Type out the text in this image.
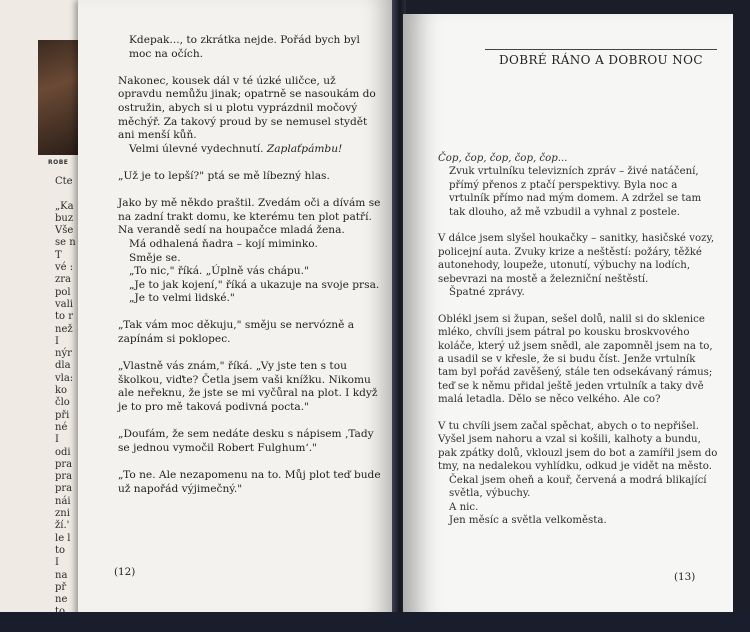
ROBE
Čte

„Ka
buz
Vše
se n
T
vé :
zra
pol
vali
to r
než
I
nýr
dla
vla:
ko
člo
při
né
I
odi
pra
pra
pra
nái
zni
ží.'
le l
to
I
na
př
ne

Kdepak..., to zkrátka nejde. Pořád bych byl moc na očích.

Nakonec, kousek dál v té úzké uličce, už opravdu nemůžu jinak; opatrně se nasoukám do ostružin, abych si u plotu vyprázdnil močový měchýř. Za takový proud by se nemusel stydět ani menší kůň.

Velmi úlevné vydechnutí. Zaplaťpámbu!

„Už je to lepší?" ptá se mě líbezný hlas.

Jako by mě někdo praštil. Zvedám oči a dívám se na zadní trakt domu, ke kterému ten plot patří. Na verandě sedí na houpačce mladá žena.

Má odhalená ňadra – kojí miminko.

Směje se.

„To nic," říká. „Úplně vás chápu."

„Je to jak kojení," říká a ukazuje na svoje prsa.

„Je to velmi lidské."

„Tak vám moc děkuju," směju se nervózně a zapínám si poklopec.

„Vlastně vás znám," říká. „Vy jste ten s tou školkou, viďte? Četla jsem vaši knížku. Nikomu ale neřeknu, že jste se mi vyčůral na plot. I když je to pro mě taková podivná pocta."

„Doufám, že sem nedáte desku s nápisem ‚Tady se jednou vymočil Robert Fulghum‘."

„To ne. Ale nezapomenu na to. Můj plot teď bude už napořád výjimečný."

(12)
DOBRÉ RÁNO A DOBROU NOC

Čop, čop, čop, čop, čop...

Zvuk vrtulníku televizních zpráv – živé natáčení, přímý přenos z ptačí perspektivy. Byla noc a vrtulník přímo nad mým domem. A zdržel se tam tak dlouho, až mě vzbudil a vyhnal z postele.

V dálce jsem slyšel houkačky – sanitky, hasičské vozy, policejní auta. Zvuky krize a neštěstí: požáry, těžké autonehody, loupeže, utonutí, výbuchy na lodích, sebevrazi na mostě a železniční neštěstí.

Špatné zprávy.

Oblékl jsem si župan, sešel dolů, nalil si do sklenice mléko, chvíli jsem pátral po kousku broskvového koláče, který už jsem snědl, ale zapomněl jsem na to, a usadil se v křesle, že si budu číst. Jenže vrtulník tam byl pořád zavěšený, stále ten odsekávaný rámus; teď se k němu přidal ještě jeden vrtulník a taky dvě malá letadla. Dělo se něco velkého. Ale co?

V tu chvíli jsem začal spěchat, abych o to nepřišel. Vyšel jsem nahoru a vzal si košili, kalhoty a bundu, pak zpátky dolů, vklouzl jsem do bot a zamířil jsem do tmy, na nedalekou vyhlídku, odkud je vidět na město.

Čekal jsem oheň a kouř, červená a modrá blikající světla, výbuchy.

A nic.

Jen měsíc a světla velkoměsta.

(13)
